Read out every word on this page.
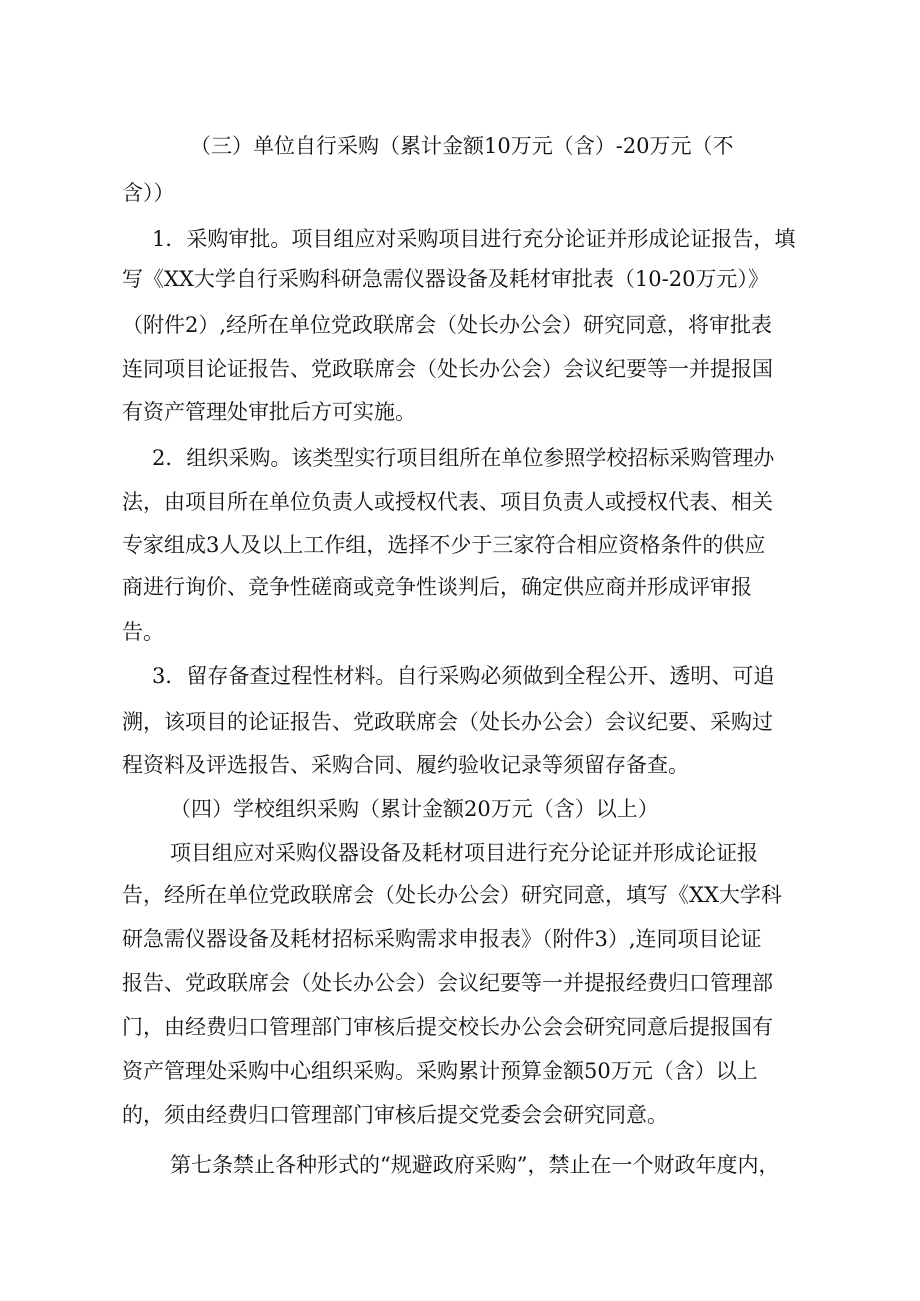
（三）单位自行采购（累计金额10万元（含）-20万元（不
含））
1．采购审批。项目组应对采购项目进行充分论证并形成论证报告，填
写《XX大学自行采购科研急需仪器设备及耗材审批表（10-20万元）》
（附件2）,经所在单位党政联席会（处长办公会）研究同意，将审批表
连同项目论证报告、党政联席会（处长办公会）会议纪要等一并提报国
有资产管理处审批后方可实施。
2．组织采购。该类型实行项目组所在单位参照学校招标采购管理办
法，由项目所在单位负责人或授权代表、项目负责人或授权代表、相关
专家组成3人及以上工作组，选择不少于三家符合相应资格条件的供应
商进行询价、竞争性磋商或竞争性谈判后，确定供应商并形成评审报
告。
3．留存备查过程性材料。自行采购必须做到全程公开、透明、可追
溯，该项目的论证报告、党政联席会（处长办公会）会议纪要、采购过
程资料及评选报告、采购合同、履约验收记录等须留存备查。
（四）学校组织采购（累计金额20万元（含）以上）
项目组应对采购仪器设备及耗材项目进行充分论证并形成论证报
告，经所在单位党政联席会（处长办公会）研究同意，填写《XX大学科
研急需仪器设备及耗材招标采购需求申报表》（附件3）,连同项目论证
报告、党政联席会（处长办公会）会议纪要等一并提报经费归口管理部
门，由经费归口管理部门审核后提交校长办公会会研究同意后提报国有
资产管理处采购中心组织采购。采购累计预算金额50万元（含）以上
的，须由经费归口管理部门审核后提交党委会会研究同意。
第七条禁止各种形式的“规避政府采购”，禁止在一个财政年度内，
